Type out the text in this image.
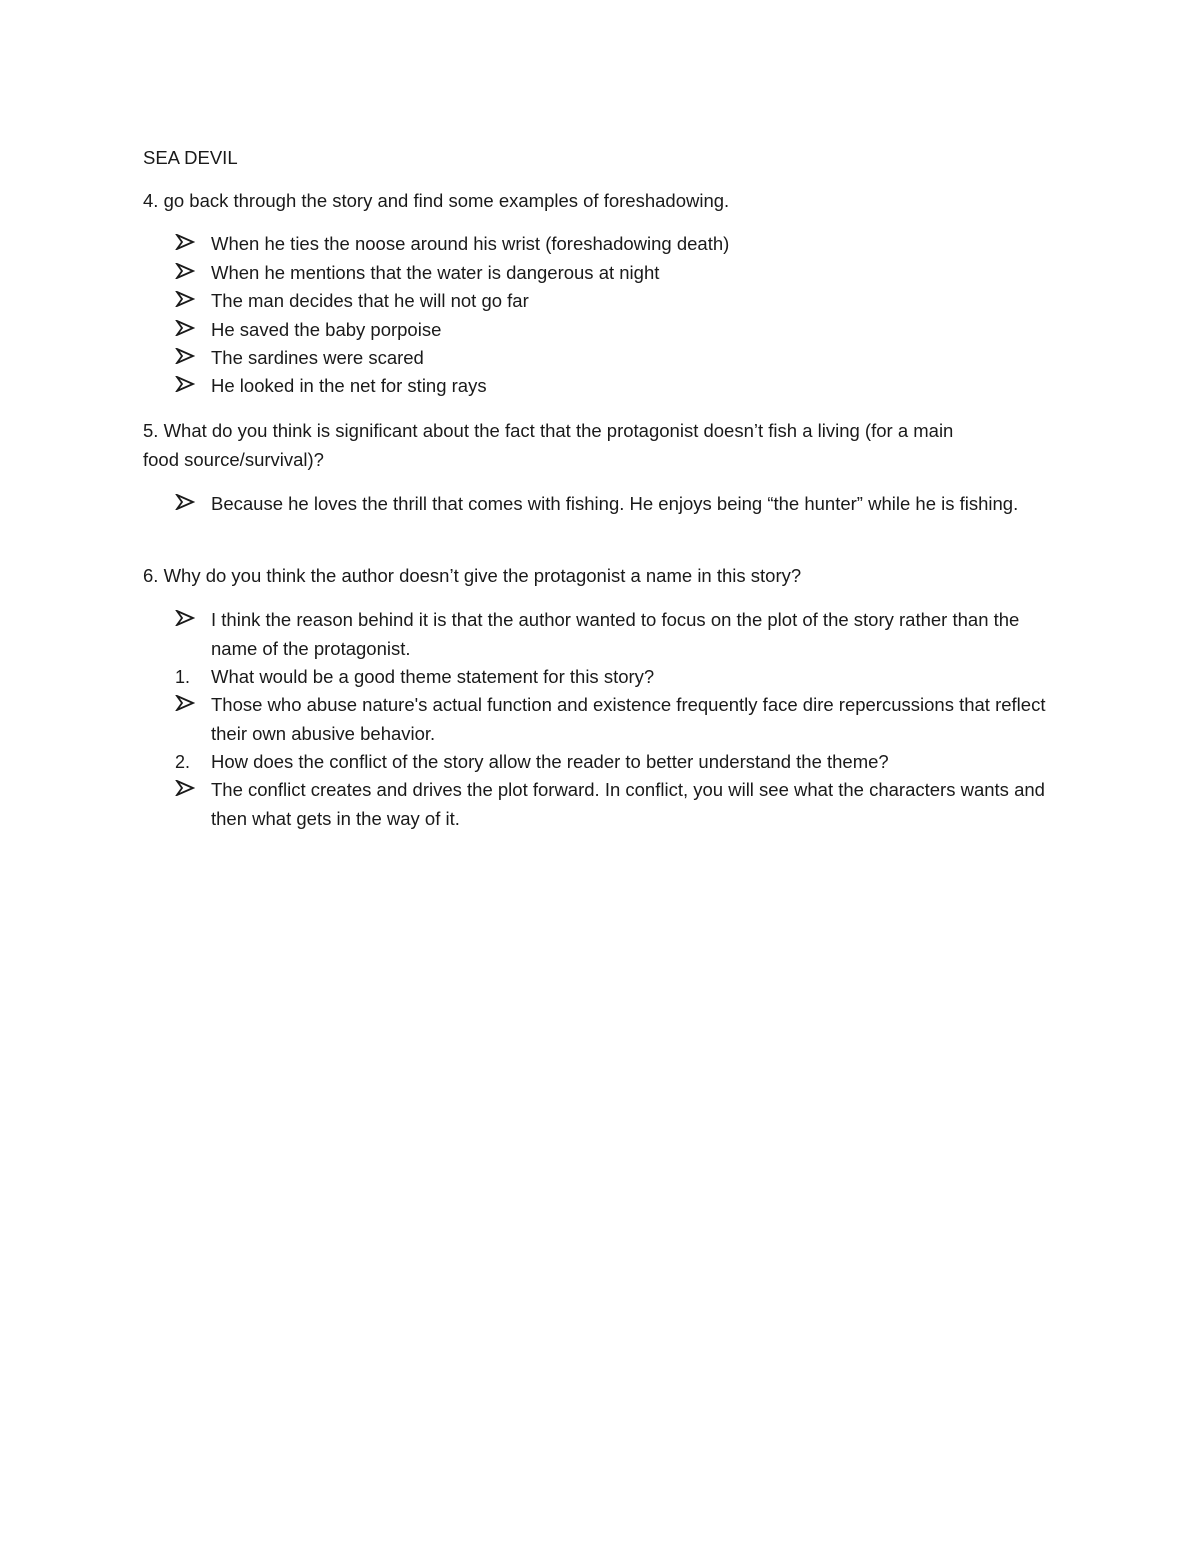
SEA DEVIL
4. go back through the story and find some examples of foreshadowing.
When he ties the noose around his wrist (foreshadowing death)
When he mentions that the water is dangerous at night
The man decides that he will not go far
He saved the baby porpoise
The sardines were scared
He looked in the net for sting rays
5. What do you think is significant about the fact that the protagonist doesn’t fish a living (for a main
food source/survival)?
Because he loves the thrill that comes with fishing. He enjoys being “the hunter” while he is fishing.
6. Why do you think the author doesn’t give the protagonist a name in this story?
I think the reason behind it is that the author wanted to focus on the plot of the story rather than the name of the protagonist.
1.	What would be a good theme statement for this story?
Those who abuse nature's actual function and existence frequently face dire repercussions that reflect their own abusive behavior.
2.	How does the conflict of the story allow the reader to better understand the theme?
The conflict creates and drives the plot forward. In conflict, you will see what the characters wants and then what gets in the way of it.
